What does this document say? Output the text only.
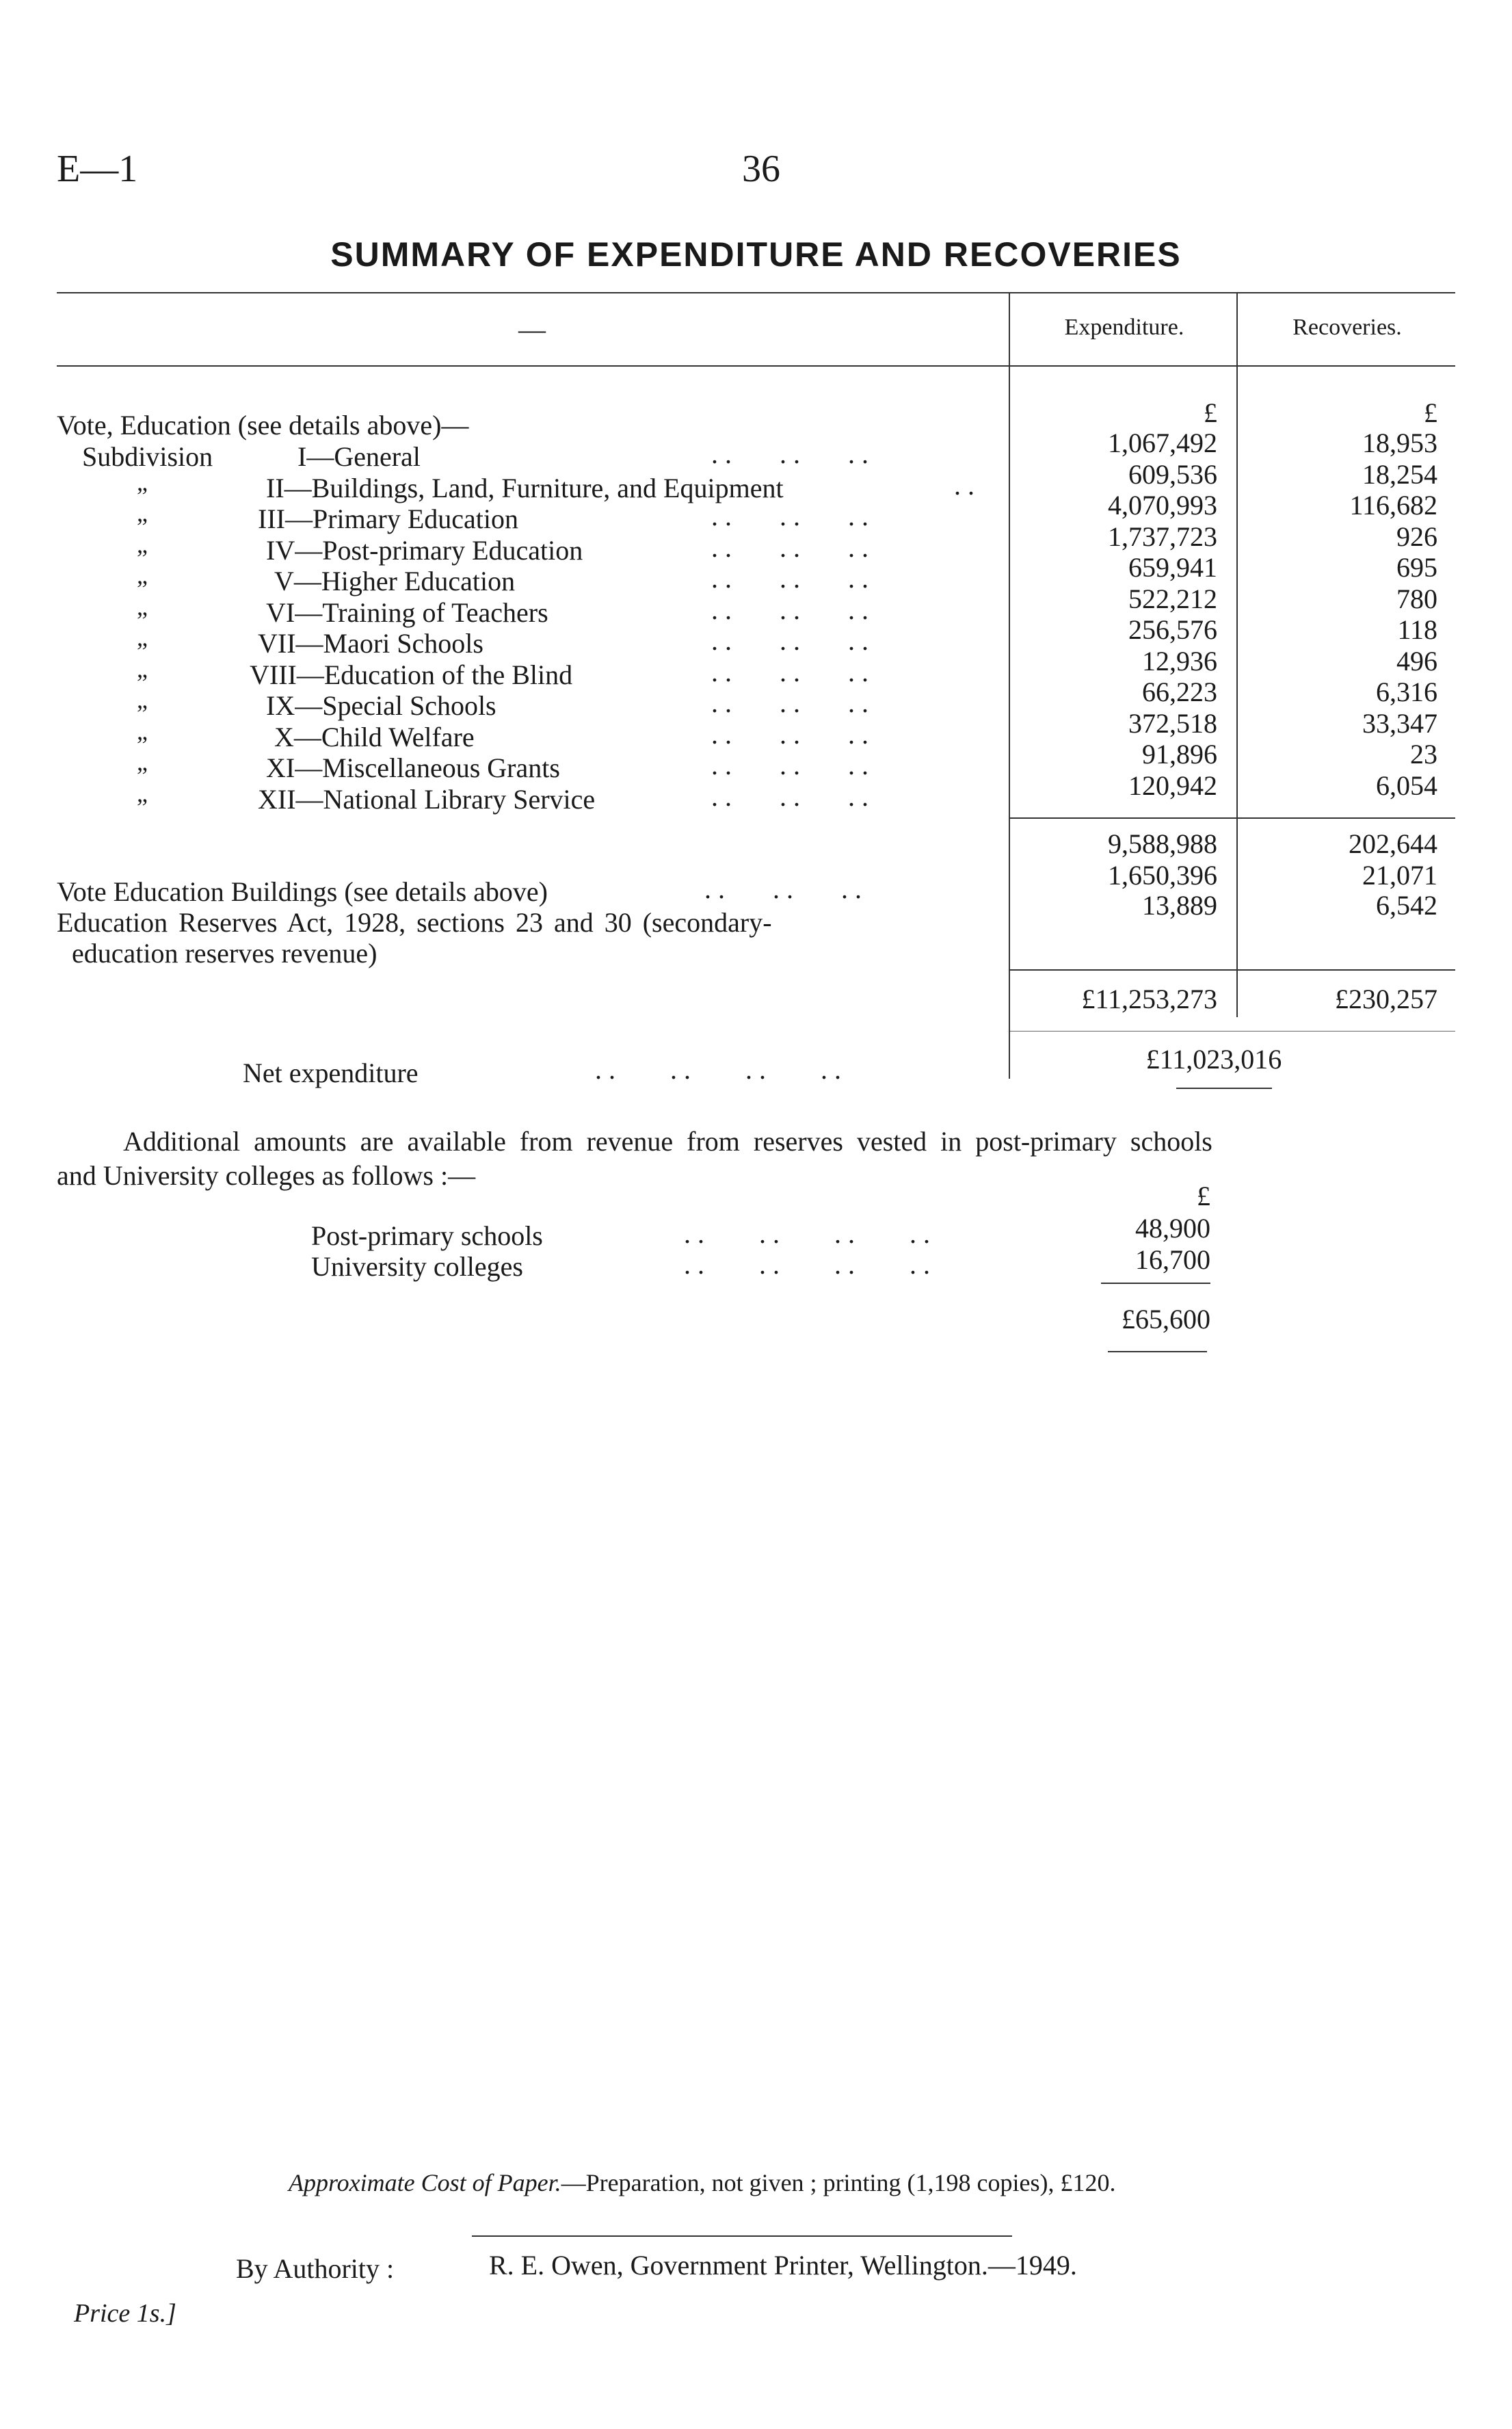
E—1	36
SUMMARY OF EXPENDITURE AND RECOVERIES
—	Expenditure.	Recoveries.
£	£
Vote, Education (see details above)—
Subdivision	I—General	. .       . .       . .	1,067,492	18,953
”	II—Buildings, Land, Furniture, and Equipment	. .	609,536	18,254
”	III—Primary Education	. .       . .       . .	4,070,993	116,682
”	IV—Post-primary Education	. .       . .       . .	1,737,723	926
”	V—Higher Education	. .       . .       . .	659,941	695
”	VI—Training of Teachers	. .       . .       . .	522,212	780
”	VII—Maori Schools	. .       . .       . .	256,576	118
”	VIII—Education of the Blind	. .       . .       . .	12,936	496
”	IX—Special Schools	. .       . .       . .	66,223	6,316
”	X—Child Welfare	. .       . .       . .	372,518	33,347
”	XI—Miscellaneous Grants	. .       . .       . .	91,896	23
”	XII—National Library Service	. .       . .       . .	120,942	6,054
9,588,988	202,644
Vote Education Buildings (see details above)	. .       . .       . .	1,650,396	21,071
Education Reserves Act, 1928, sections 23 and 30 (secondary-
education reserves revenue)
13,889	6,542
£11,253,273	£230,257
Net expenditure	. .        . .        . .        . .	£11,023,016
Additional amounts are available from revenue from reserves vested in post-primary schools
and University colleges as follows :—
£
Post-primary schools	. .        . .        . .        . .	48,900
University colleges	. .        . .        . .        . .	16,700
£65,600
Approximate Cost of Paper.—Preparation, not given ; printing (1,198 copies), £120.
By Authority :	R. E. Owen, Government Printer, Wellington.—1949.
Price 1s.]
